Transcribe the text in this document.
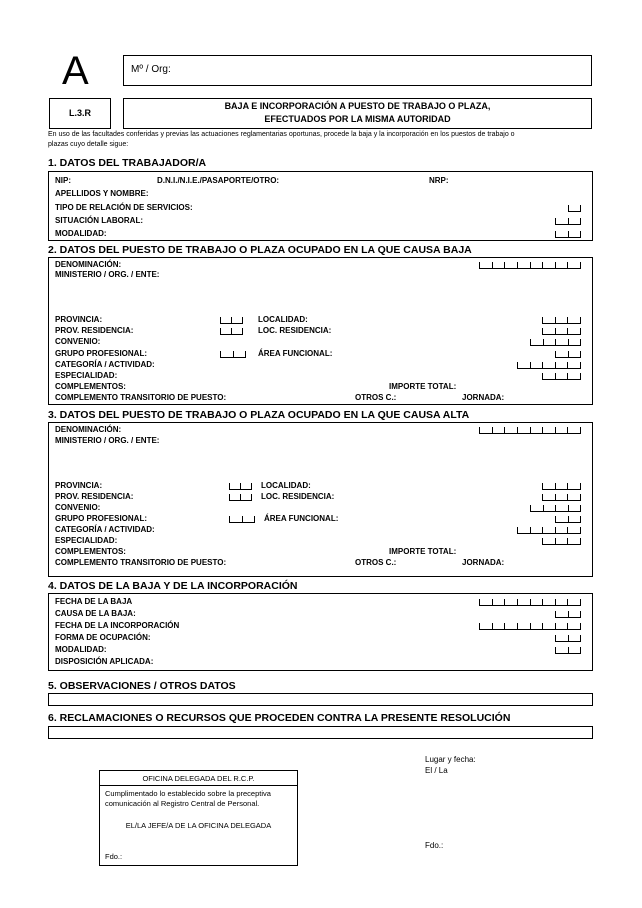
A	Mº / Org:
L.3.R
BAJA E INCORPORACIÓN A PUESTO DE TRABAJO O PLAZA,
EFECTUADOS POR LA MISMA AUTORIDAD
En uso de las facultades conferidas y previas las actuaciones reglamentarias oportunas, procede la baja y la incorporación en los puestos de trabajo o
plazas cuyo detalle sigue:
1. DATOS DEL TRABAJADOR/A
NIP:	D.N.I./N.I.E./PASAPORTE/OTRO:	NRP:
APELLIDOS Y NOMBRE:
TIPO DE RELACIÓN DE SERVICIOS:
SITUACIÓN LABORAL:
MODALIDAD:
2. DATOS DEL PUESTO DE TRABAJO O PLAZA OCUPADO EN LA QUE CAUSA BAJA
DENOMINACIÓN:
MINISTERIO / ORG. / ENTE:
PROVINCIA:	LOCALIDAD:
PROV. RESIDENCIA:	LOC. RESIDENCIA:
CONVENIO:
GRUPO PROFESIONAL:	ÁREA FUNCIONAL:
CATEGORÍA / ACTIVIDAD:
ESPECIALIDAD:
COMPLEMENTOS:	IMPORTE TOTAL:
COMPLEMENTO TRANSITORIO DE PUESTO:	OTROS C.:	JORNADA:
3. DATOS DEL PUESTO DE TRABAJO O PLAZA OCUPADO EN LA QUE CAUSA ALTA
DENOMINACIÓN:
MINISTERIO / ORG. / ENTE:
PROVINCIA:	LOCALIDAD:
PROV. RESIDENCIA:	LOC. RESIDENCIA:
CONVENIO:
GRUPO PROFESIONAL:	ÁREA FUNCIONAL:
CATEGORÍA / ACTIVIDAD:
ESPECIALIDAD:
COMPLEMENTOS:	IMPORTE TOTAL:
COMPLEMENTO TRANSITORIO DE PUESTO:	OTROS C.:	JORNADA:
4. DATOS DE LA BAJA Y DE LA INCORPORACIÓN
FECHA DE LA BAJA
CAUSA DE LA BAJA:
FECHA DE LA INCORPORACIÓN
FORMA DE OCUPACIÓN:
MODALIDAD:
DISPOSICIÓN APLICADA:
5. OBSERVACIONES / OTROS DATOS
6. RECLAMACIONES O RECURSOS QUE PROCEDEN CONTRA LA PRESENTE RESOLUCIÓN
Lugar y fecha:
El / La
Fdo.:
OFICINA DELEGADA DEL R.C.P.
Cumplimentado lo establecido sobre la preceptiva
comunicación al Registro Central de Personal.
EL/LA JEFE/A DE LA OFICINA DELEGADA
Fdo.:
